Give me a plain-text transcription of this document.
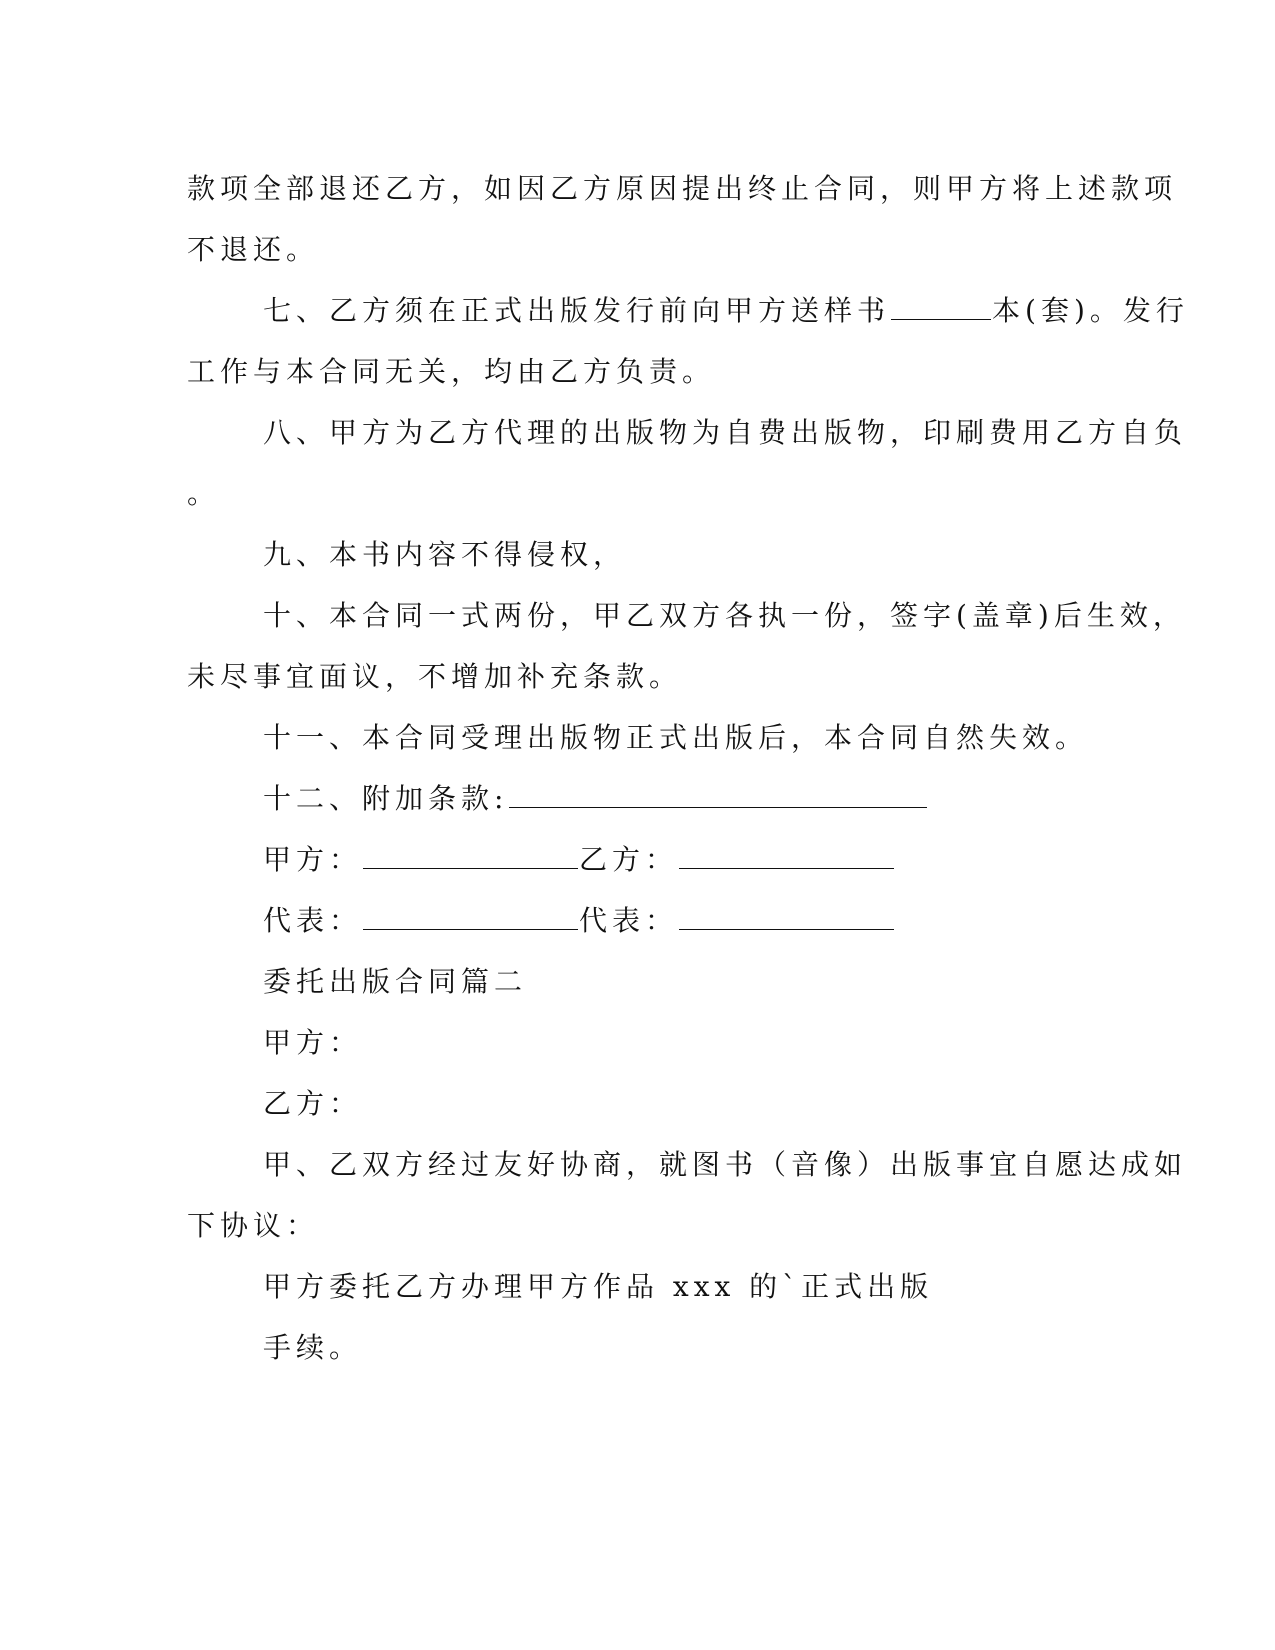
款项全部退还乙方，如因乙方原因提出终止合同，则甲方将上述款项
不退还。
七、乙方须在正式出版发行前向甲方送样书	本(套)。发行
工作与本合同无关，均由乙方负责。
八、甲方为乙方代理的出版物为自费出版物，印刷费用乙方自负
。
九、本书内容不得侵权，
十、本合同一式两份，甲乙双方各执一份，签字(盖章)后生效，
未尽事宜面议，不增加补充条款。
十一、本合同受理出版物正式出版后，本合同自然失效。
十二、附加条款:
甲方：	乙方：
代表：	代表：
委托出版合同篇二
甲方：
乙方：
甲、乙双方经过友好协商，就图书（音像）出版事宜自愿达成如
下协议：
甲方委托乙方办理甲方作品 xxx 的`正式出版
手续。
